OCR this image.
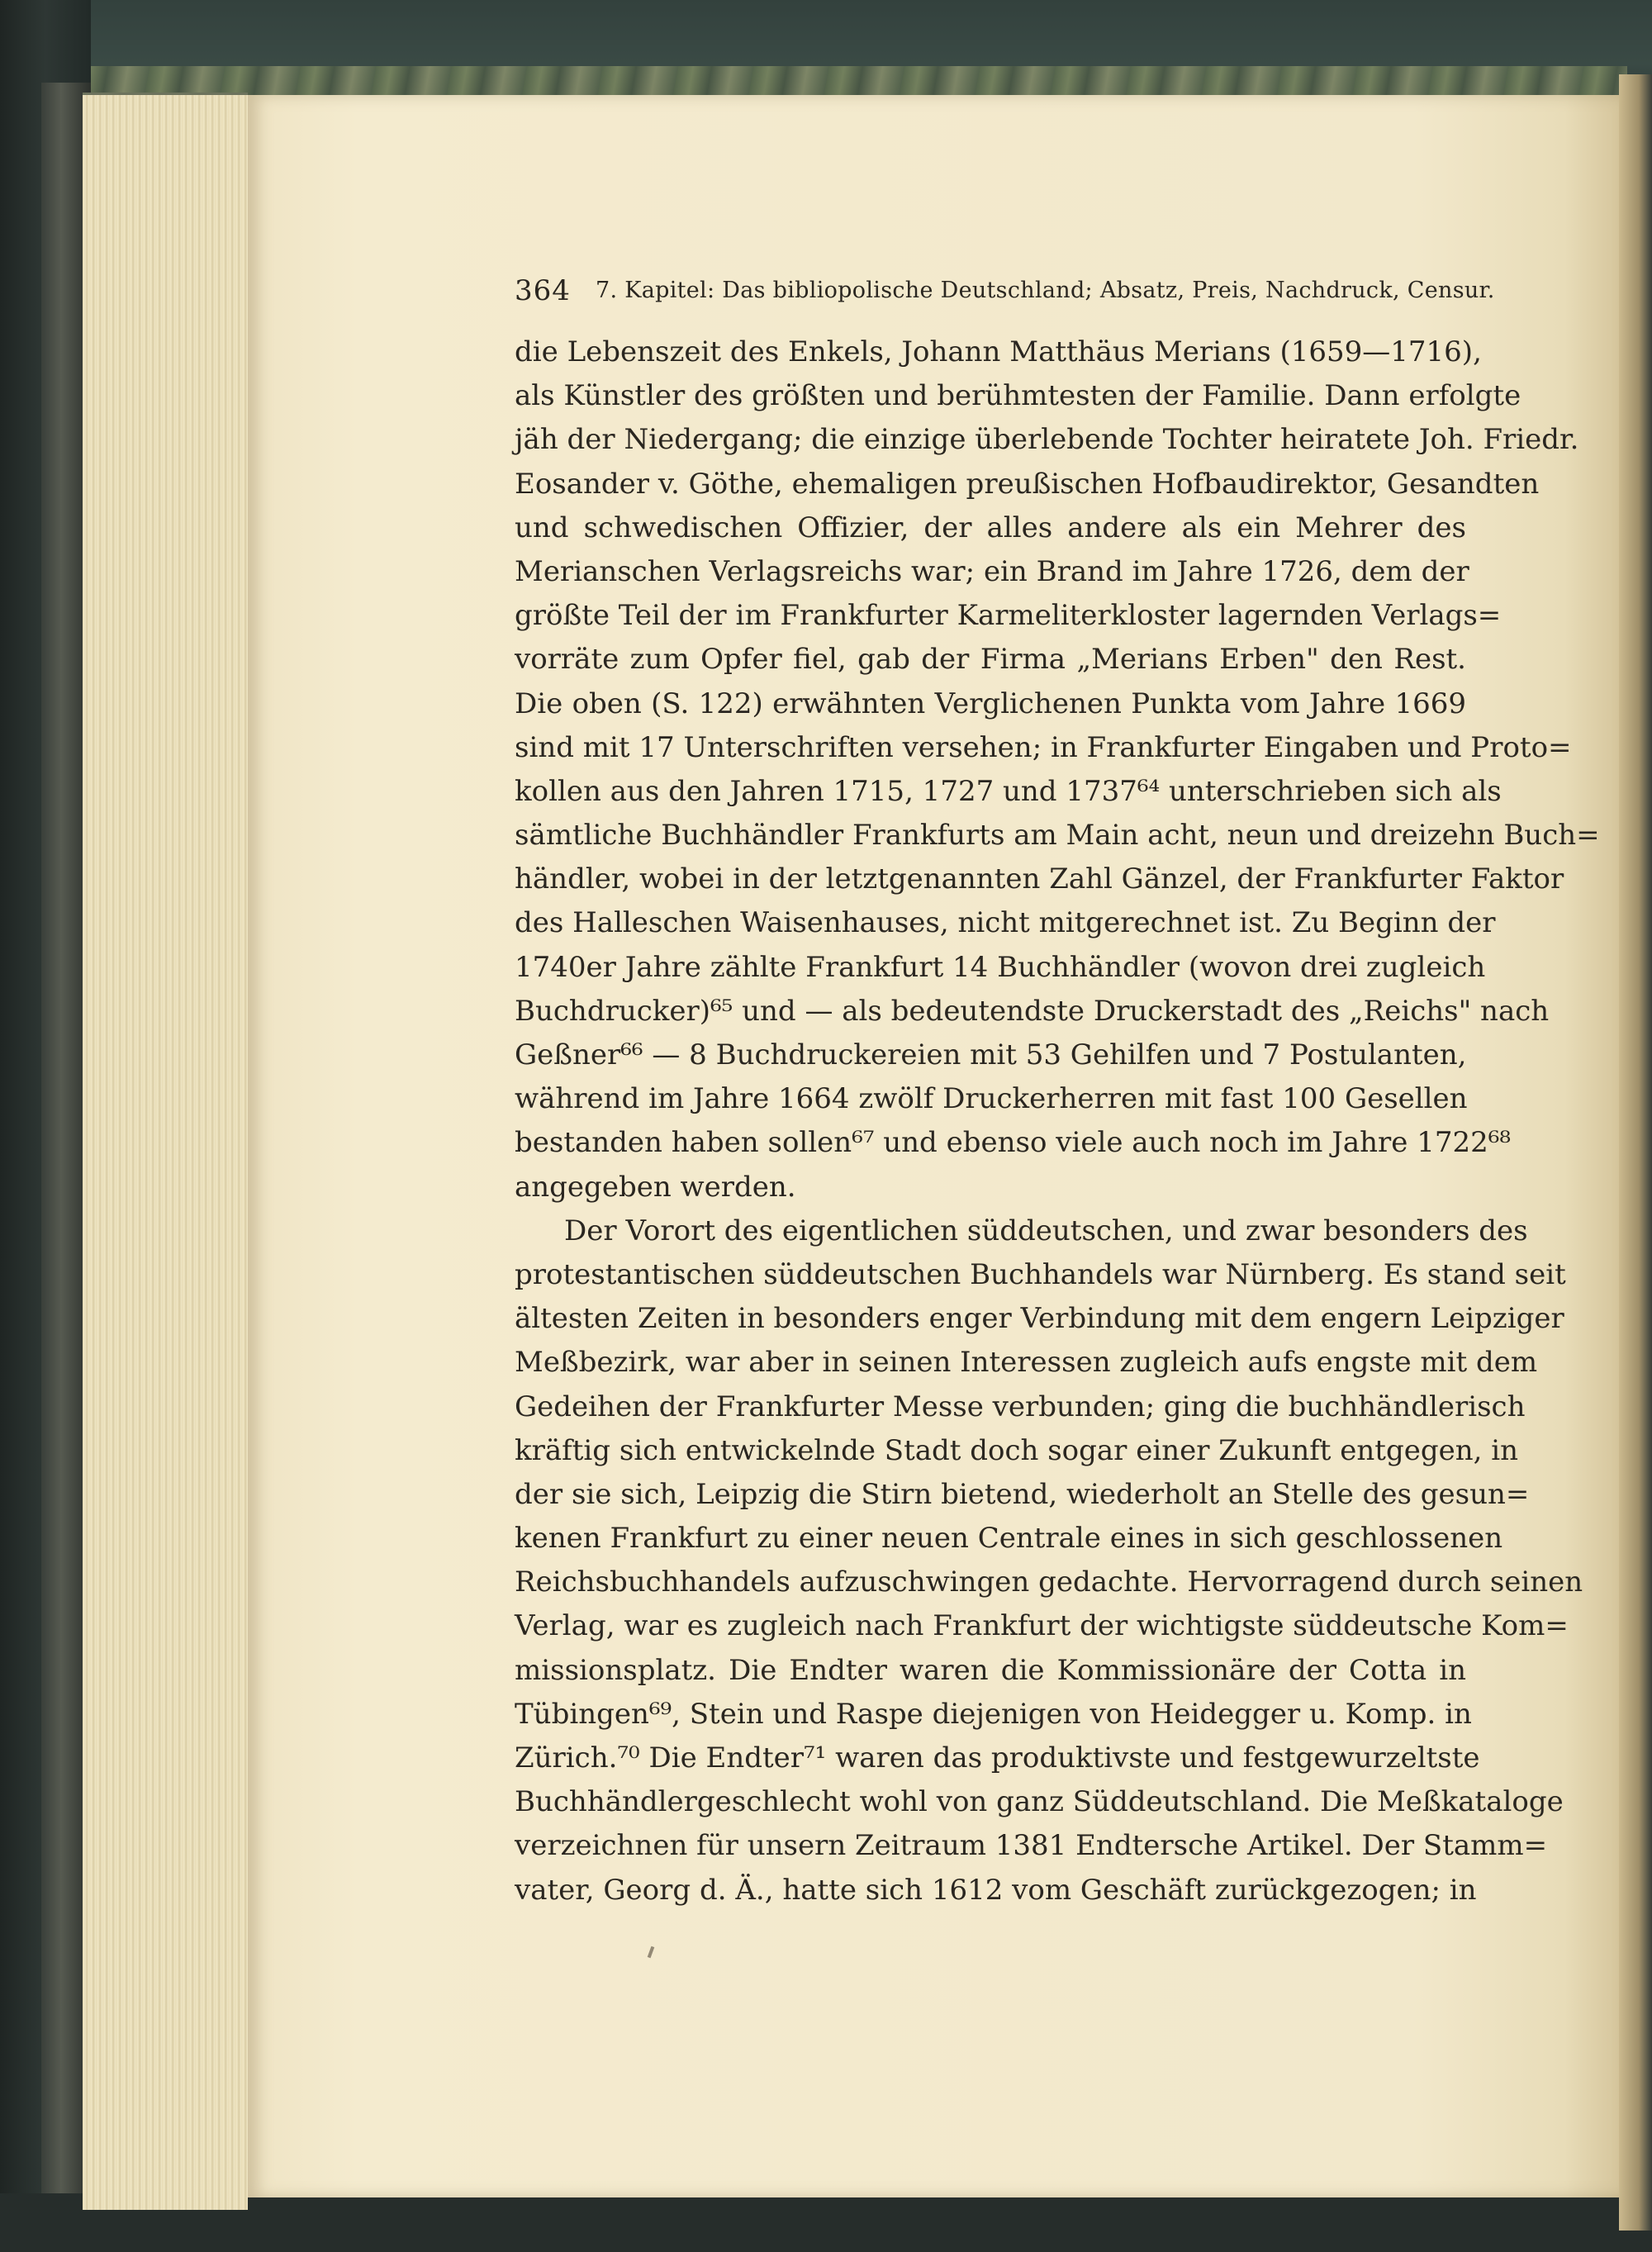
364 7. Kapitel: Das bibliopolische Deutschland; Absatz, Preis, Nachdruck, Censur.
die Lebenszeit des Enkels, Johann Matthäus Merians (1659—1716),
als Künstler des größten und berühmtesten der Familie. Dann erfolgte
jäh der Niedergang; die einzige überlebende Tochter heiratete Joh. Friedr.
Eosander v. Göthe, ehemaligen preußischen Hofbaudirektor, Gesandten
und schwedischen Offizier, der alles andere als ein Mehrer des
Merianschen Verlagsreichs war; ein Brand im Jahre 1726, dem der
größte Teil der im Frankfurter Karmeliterkloster lagernden Verlags=
vorräte zum Opfer fiel, gab der Firma „Merians Erben" den Rest.
Die oben (S. 122) erwähnten Verglichenen Punkta vom Jahre 1669
sind mit 17 Unterschriften versehen; in Frankfurter Eingaben und Proto=
kollen aus den Jahren 1715, 1727 und 1737⁶⁴ unterschrieben sich als
sämtliche Buchhändler Frankfurts am Main acht, neun und dreizehn Buch=
händler, wobei in der letztgenannten Zahl Gänzel, der Frankfurter Faktor
des Halleschen Waisenhauses, nicht mitgerechnet ist. Zu Beginn der
1740er Jahre zählte Frankfurt 14 Buchhändler (wovon drei zugleich
Buchdrucker)⁶⁵ und — als bedeutendste Druckerstadt des „Reichs" nach
Geßner⁶⁶ — 8 Buchdruckereien mit 53 Gehilfen und 7 Postulanten,
während im Jahre 1664 zwölf Druckerherren mit fast 100 Gesellen
bestanden haben sollen⁶⁷ und ebenso viele auch noch im Jahre 1722⁶⁸
angegeben werden.
Der Vorort des eigentlichen süddeutschen, und zwar besonders des
protestantischen süddeutschen Buchhandels war Nürnberg. Es stand seit
ältesten Zeiten in besonders enger Verbindung mit dem engern Leipziger
Meßbezirk, war aber in seinen Interessen zugleich aufs engste mit dem
Gedeihen der Frankfurter Messe verbunden; ging die buchhändlerisch
kräftig sich entwickelnde Stadt doch sogar einer Zukunft entgegen, in
der sie sich, Leipzig die Stirn bietend, wiederholt an Stelle des gesun=
kenen Frankfurt zu einer neuen Centrale eines in sich geschlossenen
Reichsbuchhandels aufzuschwingen gedachte. Hervorragend durch seinen
Verlag, war es zugleich nach Frankfurt der wichtigste süddeutsche Kom=
missionsplatz. Die Endter waren die Kommissionäre der Cotta in
Tübingen⁶⁹, Stein und Raspe diejenigen von Heidegger u. Komp. in
Zürich.⁷⁰ Die Endter⁷¹ waren das produktivste und festgewurzeltste
Buchhändlergeschlecht wohl von ganz Süddeutschland. Die Meßkataloge
verzeichnen für unsern Zeitraum 1381 Endtersche Artikel. Der Stamm=
vater, Georg d. Ä., hatte sich 1612 vom Geschäft zurückgezogen; in
